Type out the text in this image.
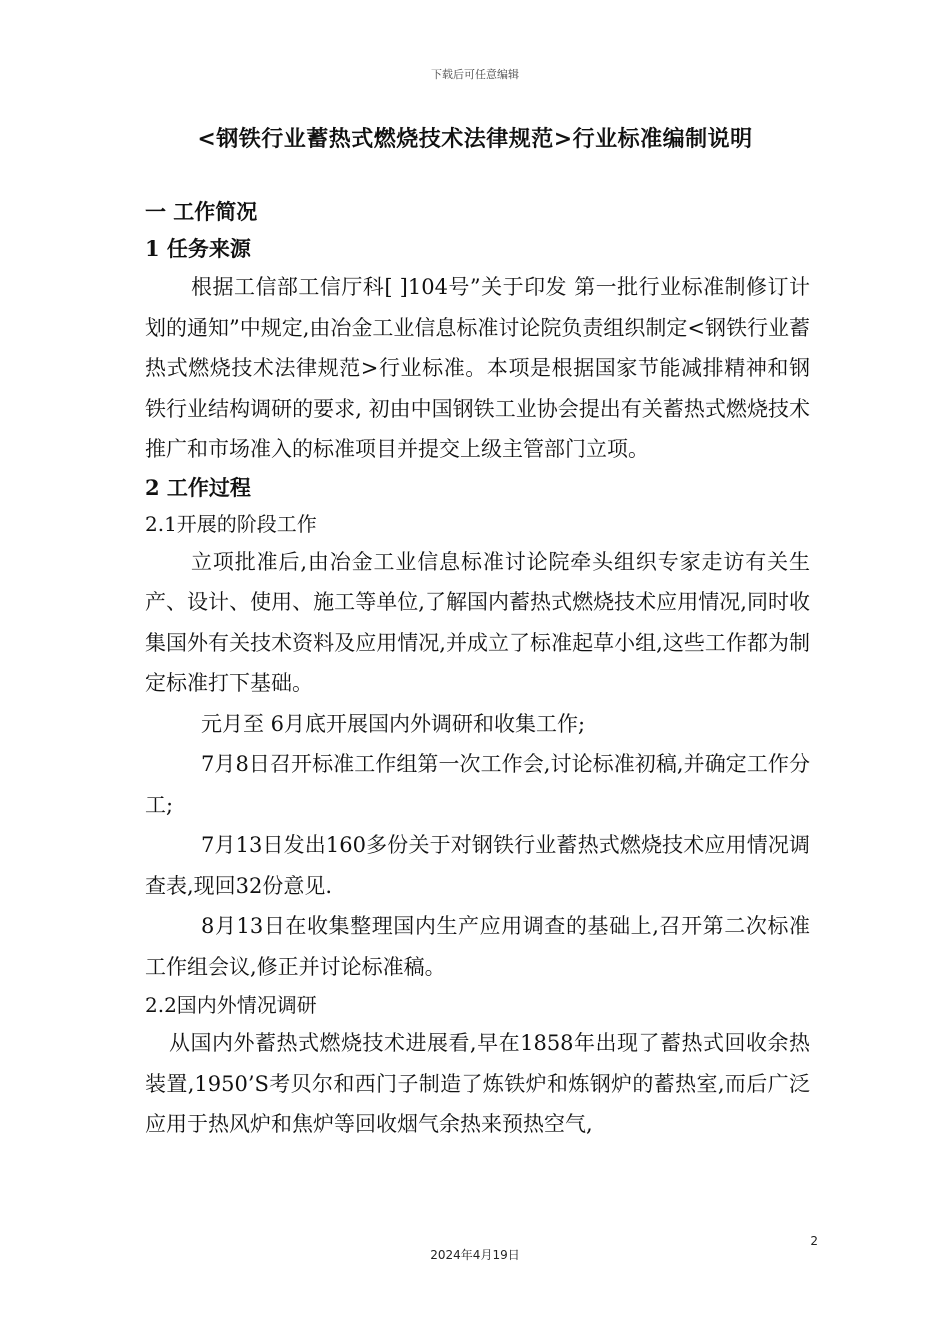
下载后可任意编辑
<钢铁行业蓄热式燃烧技术法律规范>行业标准编制说明
一 工作简况
1 任务来源

根据工信部工信厅科[ ]104号”关于印发 第一批行业标准制修订计划的通知”中规定,由冶金工业信息标准讨论院负责组织制定<钢铁行业蓄热式燃烧技术法律规范>行业标准。本项是根据国家节能减排精神和钢铁行业结构调研的要求, 初由中国钢铁工业协会提出有关蓄热式燃烧技术推广和市场准入的标准项目并提交上级主管部门立项。

2 工作过程
2.1开展的阶段工作

立项批准后,由冶金工业信息标准讨论院牵头组织专家走访有关生产、设计、使用、施工等单位,了解国内蓄热式燃烧技术应用情况,同时收集国外有关技术资料及应用情况,并成立了标准起草小组,这些工作都为制定标准打下基础。

元月至 6月底开展国内外调研和收集工作;

7月8日召开标准工作组第一次工作会,讨论标准初稿,并确定工作分工;

7月13日发出160多份关于对钢铁行业蓄热式燃烧技术应用情况调查表,现回32份意见.

8月13日在收集整理国内生产应用调查的基础上,召开第二次标准工作组会议,修正并讨论标准稿。

2.2国内外情况调研

从国内外蓄热式燃烧技术进展看,早在1858年出现了蓄热式回收余热装置,1950’S考贝尔和西门子制造了炼铁炉和炼钢炉的蓄热室,而后广泛应用于热风炉和焦炉等回收烟气余热来预热空气,

2
2024年4月19日
